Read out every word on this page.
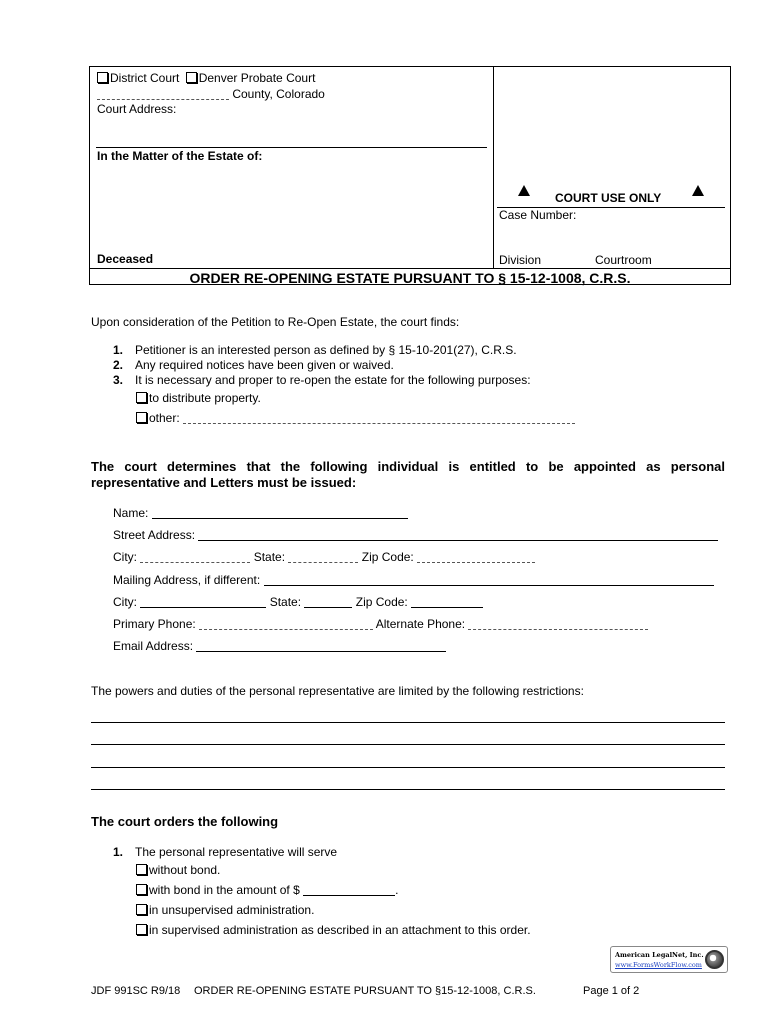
District Court Denver Probate Court
County, Colorado
Court Address:
In the Matter of the Estate of:
Deceased
COURT USE ONLY
Case Number:
Division	Courtroom
ORDER RE-OPENING ESTATE PURSUANT TO § 15-12-1008, C.R.S.
Upon consideration of the Petition to Re-Open Estate, the court finds:
1. Petitioner is an interested person as defined by § 15-10-201(27), C.R.S.
2. Any required notices have been given or waived.
3. It is necessary and proper to re-open the estate for the following purposes:
to distribute property.
other:
The court determines that the following individual is entitled to be appointed as personal
representative and Letters must be issued:
Name:
Street Address:
City:	State:	Zip Code:
Mailing Address, if different:
City:	State:	Zip Code:
Primary Phone:	Alternate Phone:
Email Address:
The powers and duties of the personal representative are limited by the following restrictions:
The court orders the following
1. The personal representative will serve
without bond.
with bond in the amount of $	.
in unsupervised administration.
in supervised administration as described in an attachment to this order.
American LegalNet, Inc.
www.FormsWorkFlow.com
JDF 991SC R9/18 ORDER RE-OPENING ESTATE PURSUANT TO §15-12-1008, C.R.S.	Page 1 of 2
